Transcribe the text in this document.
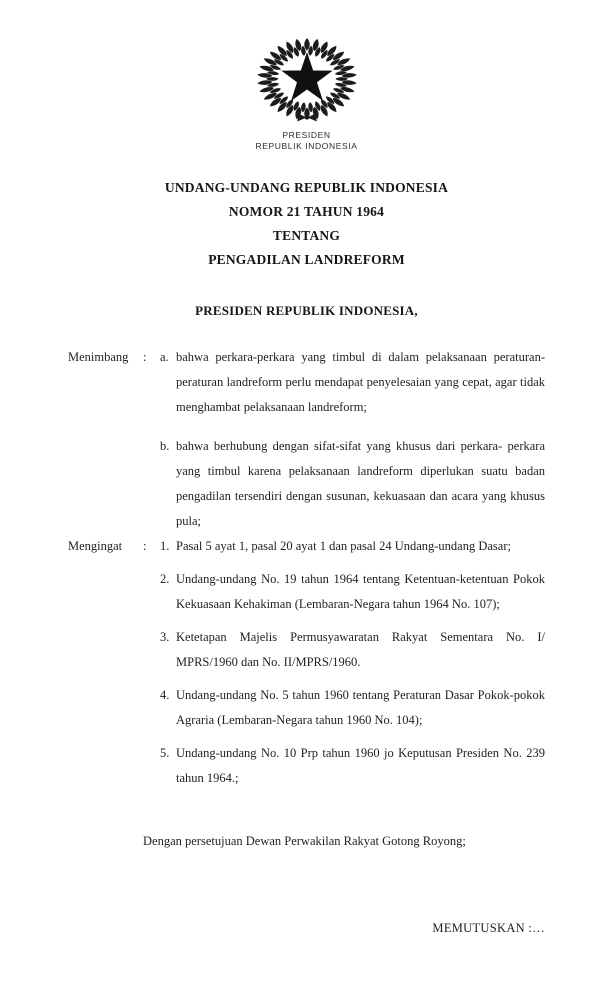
PRESIDEN
REPUBLIK INDONESIA
UNDANG-UNDANG REPUBLIK INDONESIA
NOMOR 21 TAHUN 1964
TENTANG
PENGADILAN LANDREFORM
PRESIDEN REPUBLIK INDONESIA,
Menimbang	:	a. bahwa perkara-perkara yang timbul di dalam pelaksanaan peraturan-peraturan landreform perlu mendapat penyelesaian yang cepat, agar tidak menghambat pelaksanaan landreform;
b. bahwa berhubung dengan sifat-sifat yang khusus dari perkara- perkara yang timbul karena pelaksanaan landreform diperlukan suatu badan pengadilan tersendiri dengan susunan, kekuasaan dan acara yang khusus pula;
Mengingat	:	1. Pasal 5 ayat 1, pasal 20 ayat 1 dan pasal 24 Undang-undang Dasar;
2. Undang-undang No. 19 tahun 1964 tentang Ketentuan-ketentuan Pokok Kekuasaan Kehakiman (Lembaran-Negara tahun 1964 No. 107);
3. Ketetapan Majelis Permusyawaratan Rakyat Sementara No. I/ MPRS/1960 dan No. II/MPRS/1960.
4. Undang-undang No. 5 tahun 1960 tentang Peraturan Dasar Pokok-pokok Agraria (Lembaran-Negara tahun 1960 No. 104);
5. Undang-undang No. 10 Prp tahun 1960 jo Keputusan Presiden No. 239 tahun 1964.;
Dengan persetujuan Dewan Perwakilan Rakyat Gotong Royong;
MEMUTUSKAN :…
